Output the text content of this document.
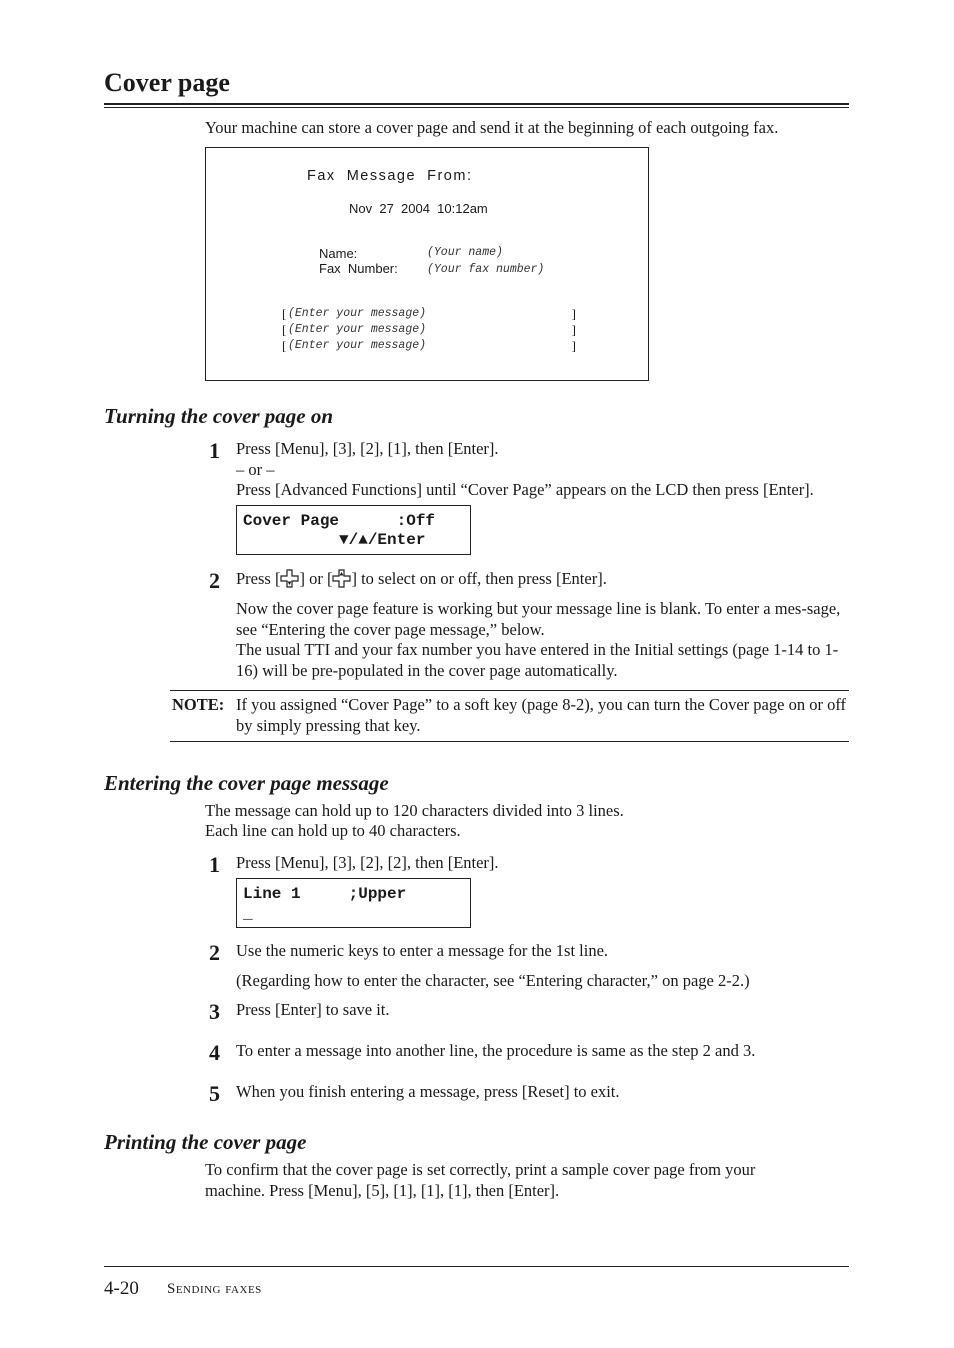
Cover page
Your machine can store a cover page and send it at the beginning of each outgoing fax.
Fax  Message  From:
Nov  27  2004  10:12am
Name:	(Your name)
Fax  Number:	(Your fax number)
[ (Enter your message)	]
[ (Enter your message)	]
[ (Enter your message)	]
Turning the cover page on
1 Press [Menu], [3], [2], [1], then [Enter].
– or –
Press [Advanced Functions] until “Cover Page” appears on the LCD then press [Enter].
Cover Page      :Off
▼/▲/Enter
2 Press [ ] or [ ] to select on or off, then press [Enter].
Now the cover page feature is working but your message line is blank. To enter a mes-sage, see “Entering the cover page message,” below.
The usual TTI and your fax number you have entered in the Initial settings (page 1-14 to 1-16) will be pre-populated in the cover page automatically.
NOTE: If you assigned “Cover Page” to a soft key (page 8-2), you can turn the Cover page on or off by simply pressing that key.
Entering the cover page message
The message can hold up to 120 characters divided into 3 lines.
Each line can hold up to 40 characters.
1 Press [Menu], [3], [2], [2], then [Enter].
Line 1     ;Upper
_
2 Use the numeric keys to enter a message for the 1st line.
(Regarding how to enter the character, see “Entering character,” on page 2-2.)
3 Press [Enter] to save it.
4 To enter a message into another line, the procedure is same as the step 2 and 3.
5 When you finish entering a message, press [Reset] to exit.
Printing the cover page
To confirm that the cover page is set correctly, print a sample cover page from your
machine. Press [Menu], [5], [1], [1], [1], then [Enter].
4-20 Sending faxes
